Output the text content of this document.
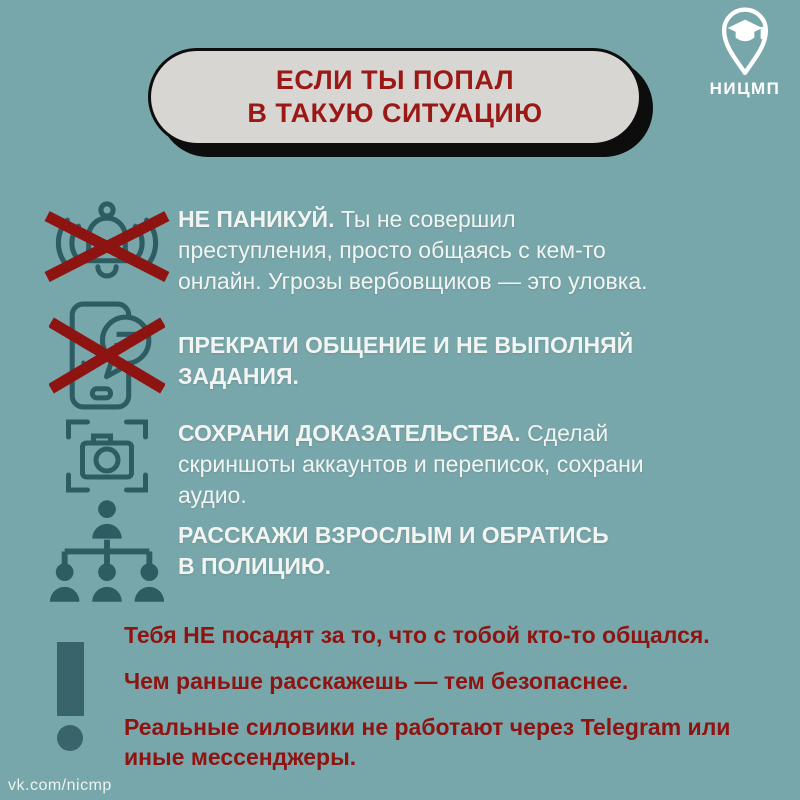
НИЦМП
ЕСЛИ ТЫ ПОПАЛ
В ТАКУЮ СИТУАЦИЮ
НЕ ПАНИКУЙ. Ты не совершил преступления, просто общаясь с кем-то онлайн. Угрозы вербовщиков — это уловка.
ПРЕКРАТИ ОБЩЕНИЕ И НЕ ВЫПОЛНЯЙ ЗАДАНИЯ.
СОХРАНИ ДОКАЗАТЕЛЬСТВА. Сделай скриншоты аккаунтов и переписок, сохрани аудио.
РАССКАЖИ ВЗРОСЛЫМ И ОБРАТИСЬ В ПОЛИЦИЮ.
Тебя НЕ посадят за то, что с тобой кто-то общался.
Чем раньше расскажешь — тем безопаснее.
Реальные силовики не работают через Telegram или иные мессенджеры.
vk.com/nicmp
